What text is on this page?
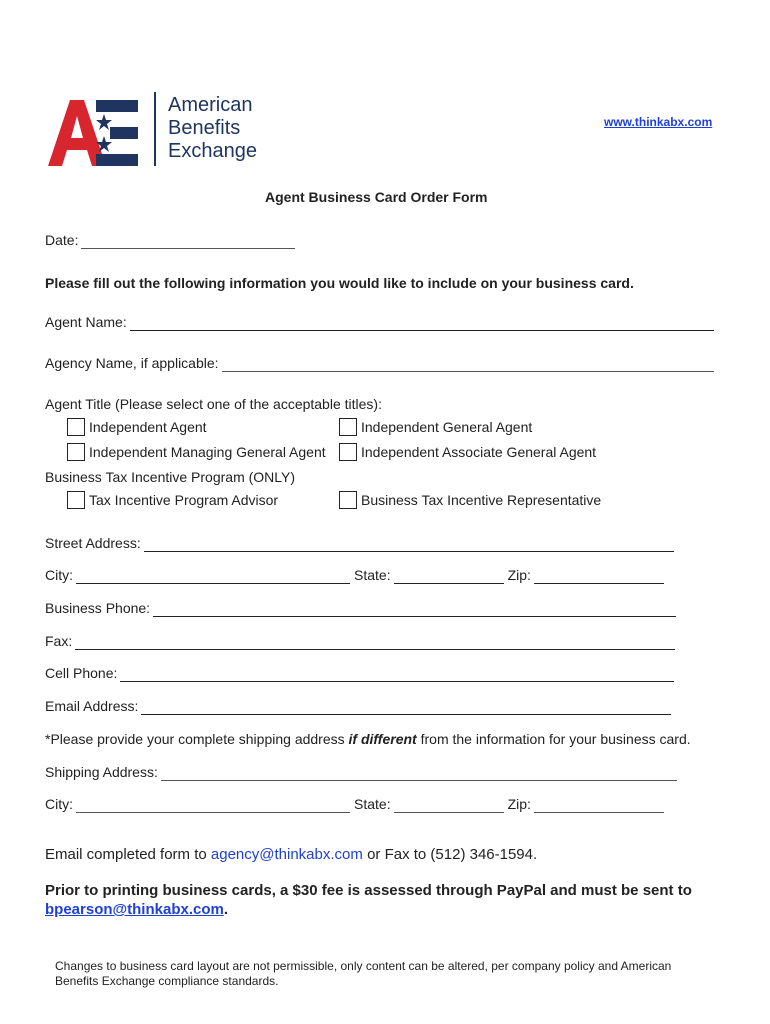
American
Benefits
Exchange
www.thinkabx.com
Agent Business Card Order Form
Date:
Please fill out the following information you would like to include on your business card.
Agent Name:
Agency Name, if applicable:
Agent Title (Please select one of the acceptable titles):
Independent Agent	Independent General Agent
Independent Managing General Agent	Independent Associate General Agent
Business Tax Incentive Program (ONLY)
Tax Incentive Program Advisor	Business Tax Incentive Representative
Street Address:
City:	State:	Zip:
Business Phone:
Fax:
Cell Phone:
Email Address:
*Please provide your complete shipping address if different from the information for your business card.
Shipping Address:
City:	State:	Zip:
Email completed form to agency@thinkabx.com or Fax to (512) 346-1594.
Prior to printing business cards, a $30 fee is assessed through PayPal and must be sent to
bpearson@thinkabx.com.
Changes to business card layout are not permissible, only content can be altered, per company policy and American
Benefits Exchange compliance standards.
